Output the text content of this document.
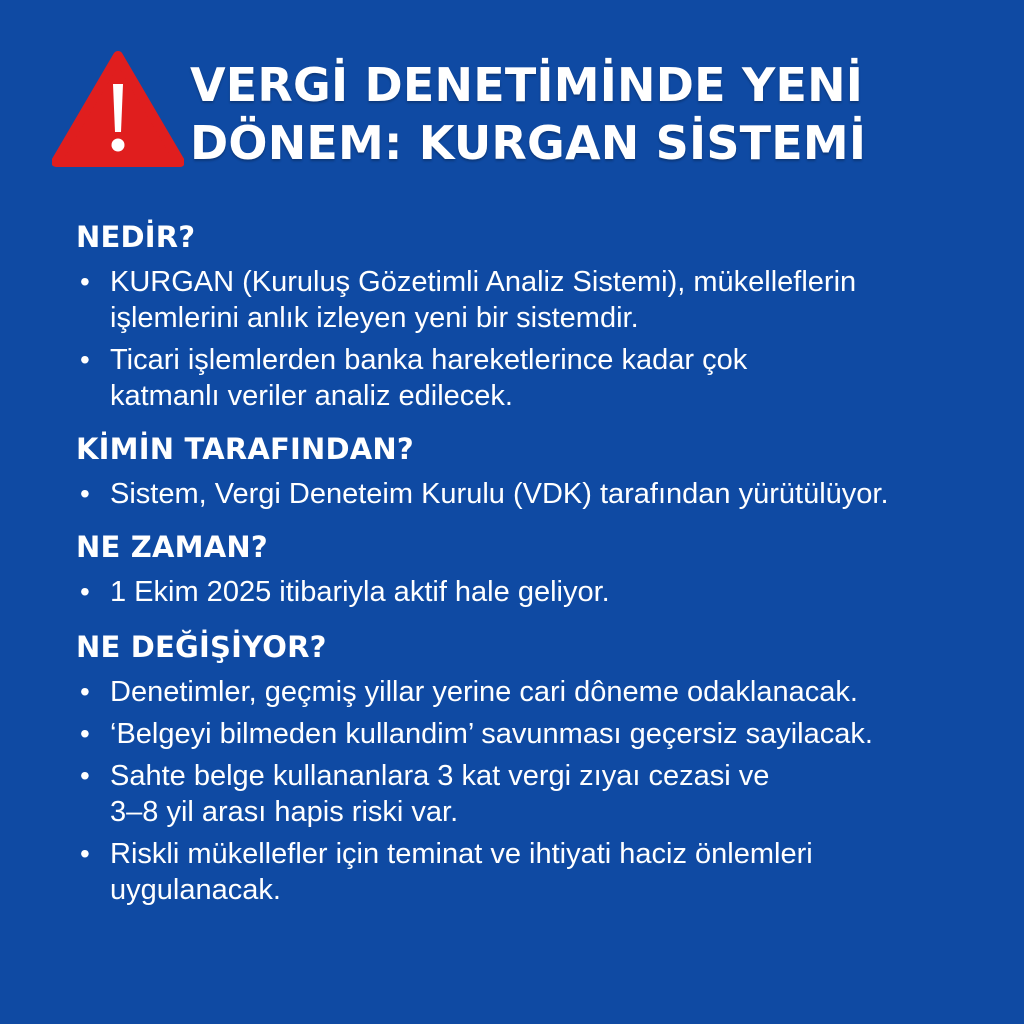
VERGİ DENETİMİNDE YENİ
DÖNEM: KURGAN SİSTEMİ
NEDİR?
• KURGAN (Kuruluş Gözetimli Analiz Sistemi), mükelleflerin
işlemlerini anlık izleyen yeni bir sistemdir.
• Ticari işlemlerden banka hareketlerince kadar çok
katmanlı veriler analiz edilecek.
KİMİN TARAFINDAN?
• Sistem, Vergi Deneteim Kurulu (VDK) tarafından yürütülüyor.
NE ZAMAN?
• 1 Ekim 2025 itibariyla aktif hale geliyor.
NE DEĞİŞİYOR?
• Denetimler, geçmiş yillar yerine cari dôneme odaklanacak.
• ‘Belgeyi bilmeden kullandim’ savunması geçersiz sayilacak.
• Sahte belge kullananlara 3 kat vergi zıyaı cezasi ve
3–8 yil arası hapis riski var.
• Riskli mükellefler için teminat ve ihtiyati haciz önlemleri
uygulanacak.
